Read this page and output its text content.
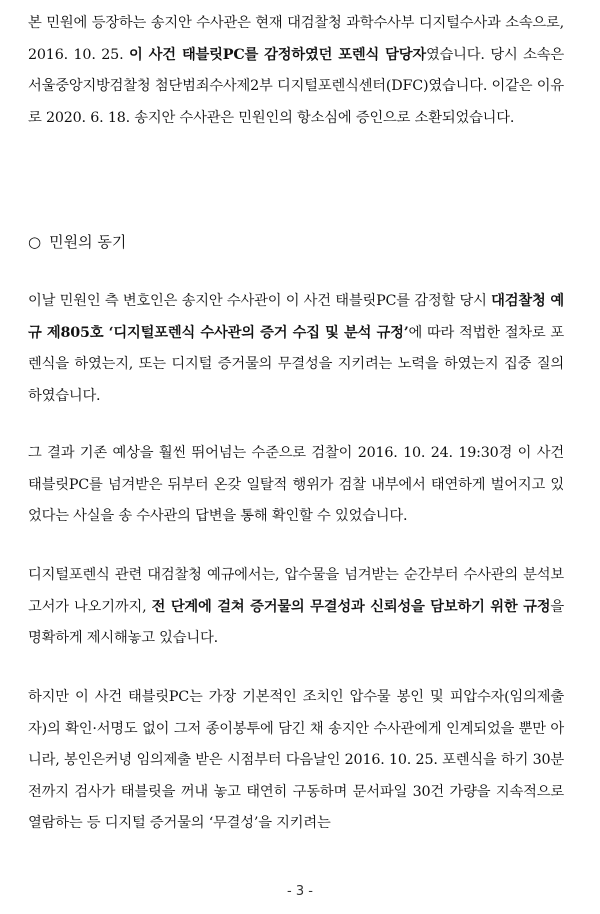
본 민원에 등장하는 송지안 수사관은 현재 대검찰청 과학수사부 디지털수사과 소속으로, 2016. 10. 25. 이 사건 태블릿PC를 감정하였던 포렌식 담당자였습니다. 당시 소속은 서울중앙지방검찰청 첨단범죄수사제2부 디지털포렌식센터(DFC)였습니다. 이같은 이유로 2020. 6. 18. 송지안 수사관은 민원인의 항소심에 증인으로 소환되었습니다.

○ 민원의 동기

이날 민원인 측 변호인은 송지안 수사관이 이 사건 태블릿PC를 감정할 당시 대검찰청 예규 제805호 ‘디지털포렌식 수사관의 증거 수집 및 분석 규정’에 따라 적법한 절차로 포렌식을 하였는지, 또는 디지털 증거물의 무결성을 지키려는 노력을 하였는지 집중 질의하였습니다.

그 결과 기존 예상을 훨씬 뛰어넘는 수준으로 검찰이 2016. 10. 24. 19:30경 이 사건 태블릿PC를 넘겨받은 뒤부터 온갖 일탈적 행위가 검찰 내부에서 태연하게 벌어지고 있었다는 사실을 송 수사관의 답변을 통해 확인할 수 있었습니다.

디지털포렌식 관련 대검찰청 예규에서는, 압수물을 넘겨받는 순간부터 수사관의 분석보고서가 나오기까지, 전 단계에 걸쳐 증거물의 무결성과 신뢰성을 담보하기 위한 규정을 명확하게 제시해놓고 있습니다.

하지만 이 사건 태블릿PC는 가장 기본적인 조치인 압수물 봉인 및 피압수자(임의제출자)의 확인·서명도 없이 그저 종이봉투에 담긴 채 송지안 수사관에게 인계되었을 뿐만 아니라, 봉인은커녕 임의제출 받은 시점부터 다음날인 2016. 10. 25. 포렌식을 하기 30분 전까지 검사가 태블릿을 꺼내 놓고 태연히 구동하며 문서파일 30건 가량을 지속적으로 열람하는 등 디지털 증거물의 ‘무결성’을 지키려는

- 3 -
